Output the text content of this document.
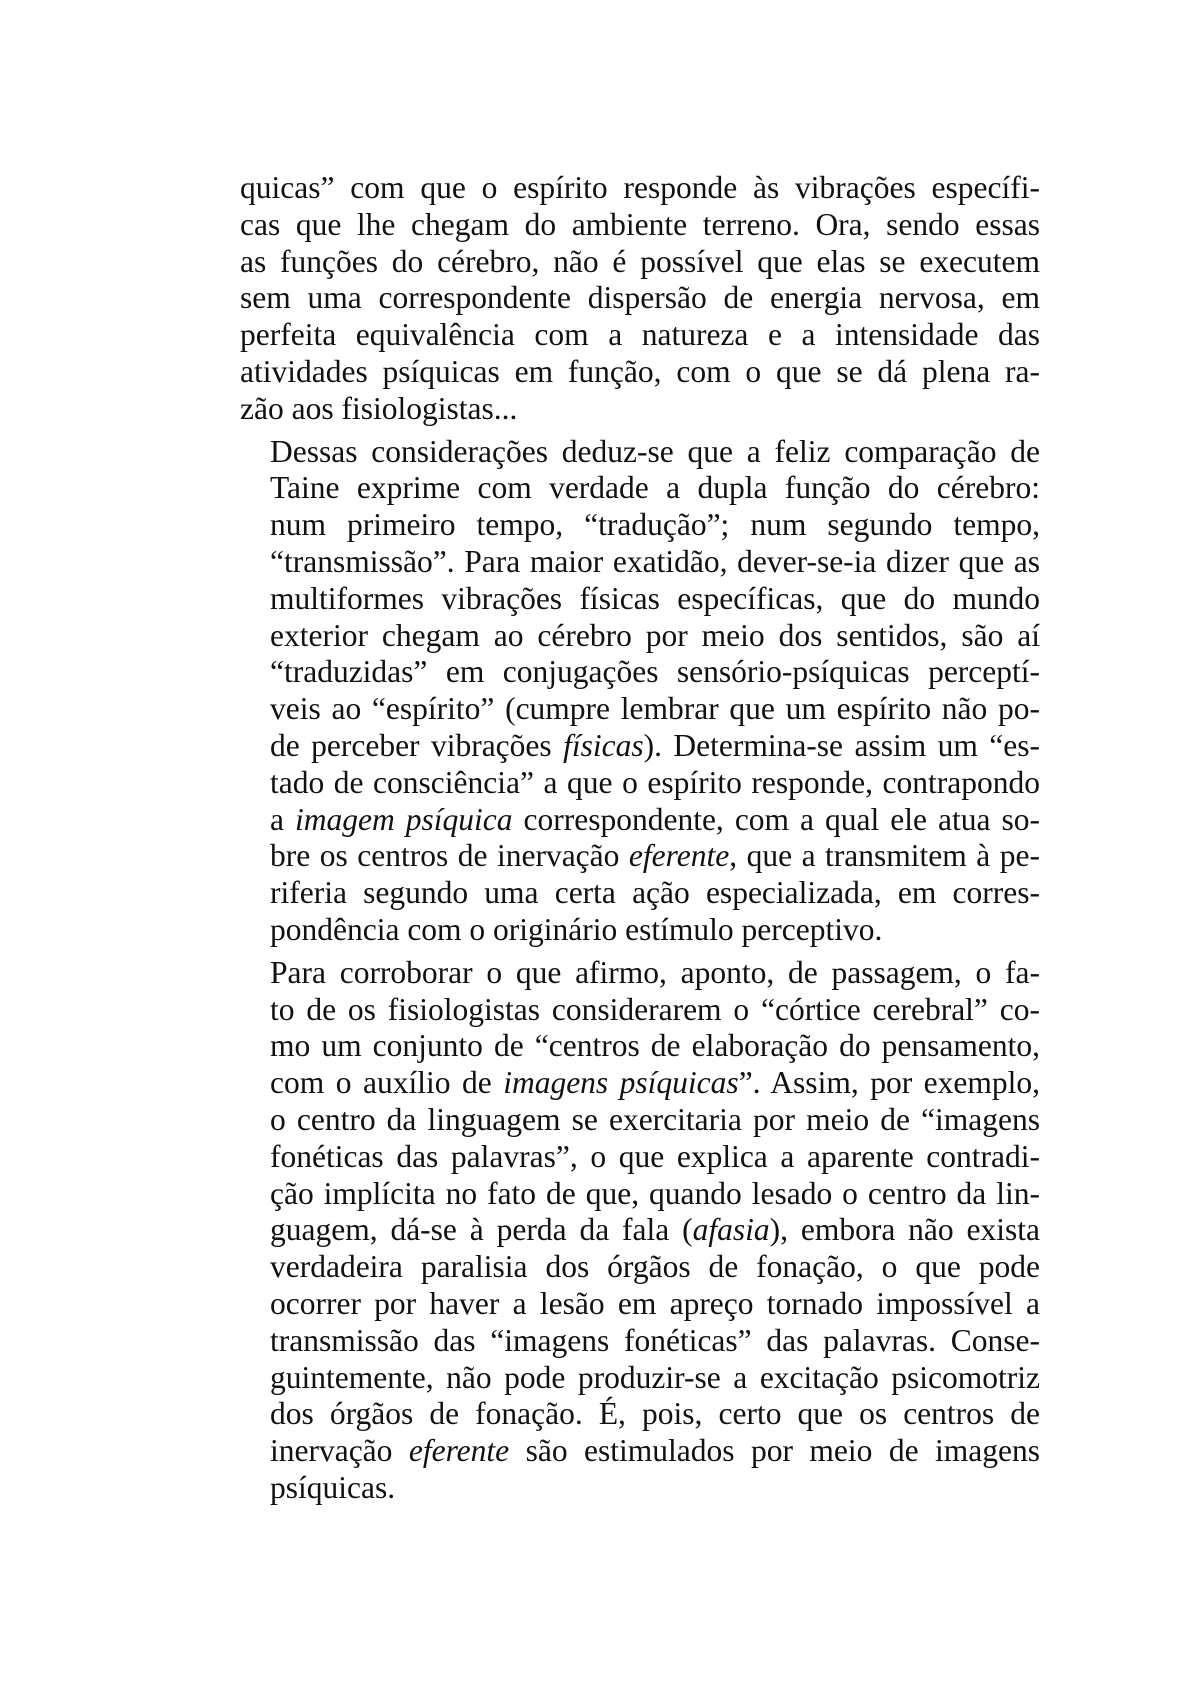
quicas” com que o espírito responde às vibrações específi-
cas que lhe chegam do ambiente terreno. Ora, sendo essas
as funções do cérebro, não é possível que elas se executem
sem uma correspondente dispersão de energia nervosa, em
perfeita equivalência com a natureza e a intensidade das
atividades psíquicas em função, com o que se dá plena ra-
zão aos fisiologistas...
Dessas considerações deduz-se que a feliz comparação de
Taine exprime com verdade a dupla função do cérebro:
num primeiro tempo, “tradução”; num segundo tempo,
“transmissão”. Para maior exatidão, dever-se-ia dizer que as
multiformes vibrações físicas específicas, que do mundo
exterior chegam ao cérebro por meio dos sentidos, são aí
“traduzidas” em conjugações sensório-psíquicas perceptí-
veis ao “espírito” (cumpre lembrar que um espírito não po-
de perceber vibrações físicas). Determina-se assim um “es-
tado de consciência” a que o espírito responde, contrapondo
a imagem psíquica correspondente, com a qual ele atua so-
bre os centros de inervação eferente, que a transmitem à pe-
riferia segundo uma certa ação especializada, em corres-
pondência com o originário estímulo perceptivo.
Para corroborar o que afirmo, aponto, de passagem, o fa-
to de os fisiologistas considerarem o “córtice cerebral” co-
mo um conjunto de “centros de elaboração do pensamento,
com o auxílio de imagens psíquicas”. Assim, por exemplo,
o centro da linguagem se exercitaria por meio de “imagens
fonéticas das palavras”, o que explica a aparente contradi-
ção implícita no fato de que, quando lesado o centro da lin-
guagem, dá-se à perda da fala (afasia), embora não exista
verdadeira paralisia dos órgãos de fonação, o que pode
ocorrer por haver a lesão em apreço tornado impossível a
transmissão das “imagens fonéticas” das palavras. Conse-
guintemente, não pode produzir-se a excitação psicomotriz
dos órgãos de fonação. É, pois, certo que os centros de
inervação eferente são estimulados por meio de imagens
psíquicas.
